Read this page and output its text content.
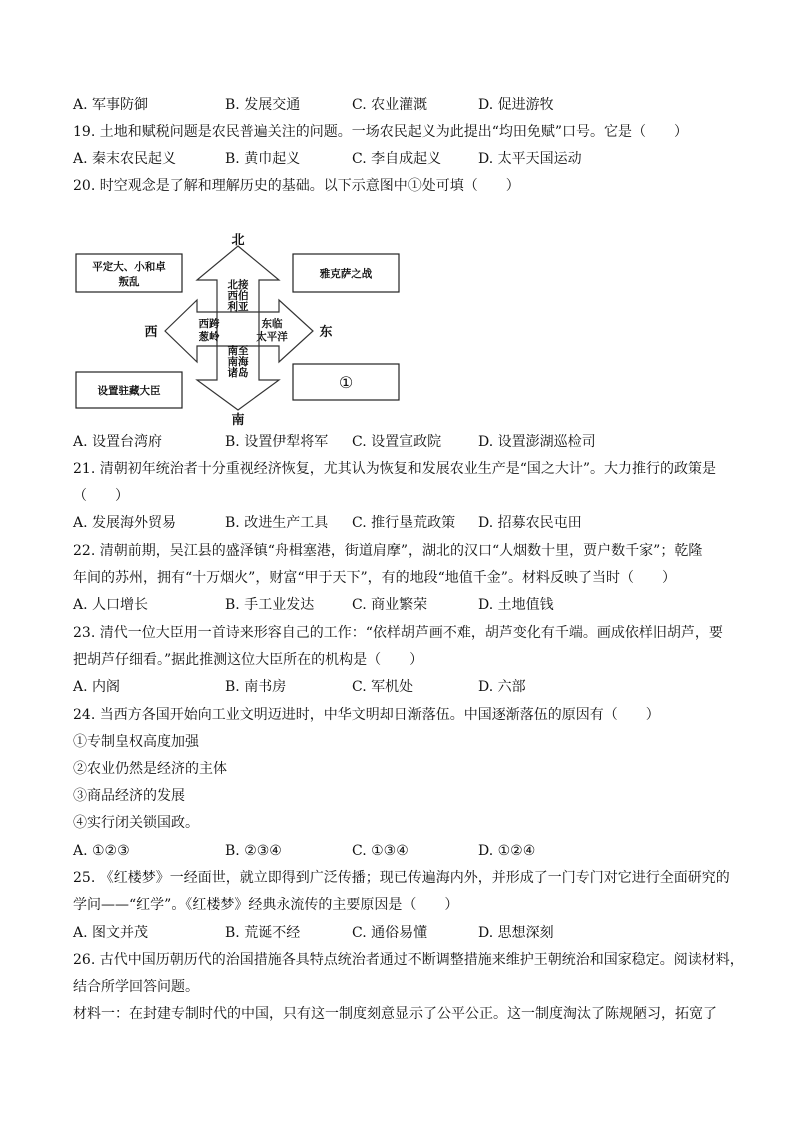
A. 军事防御	B. 发展交通	C. 农业灌溉	D. 促进游牧
19. 土地和赋税问题是农民普遍关注的问题。一场农民起义为此提出“均田免赋”口号。它是（　　）
A. 秦末农民起义	B. 黄巾起义	C. 李自成起义	D. 太平天国运动
20. 时空观念是了解和理解历史的基础。以下示意图中①处可填（　　）
北
南
西	东
平定大、小和卓
叛乱
雅克萨之战
设置驻藏大臣	①
北接
西伯
利亚
西跨
葱岭
东临
太平洋
南至
南海
诸岛
A. 设置台湾府	B. 设置伊犁将军 C. 设置宣政院	D. 设置澎湖巡检司
21. 清朝初年统治者十分重视经济恢复，尤其认为恢复和发展农业生产是“国之大计”。大力推行的政策是
（　　）
A. 发展海外贸易	B. 改进生产工具 C. 推行垦荒政策 D. 招募农民屯田
22. 清朝前期，吴江县的盛泽镇“舟楫塞港，街道肩摩”，湖北的汉口“人烟数十里，贾户数千家”；乾隆
年间的苏州，拥有“十万烟火”，财富“甲于天下”，有的地段“地值千金”。材料反映了当时（　　）
A. 人口增长	B. 手工业发达	C. 商业繁荣	D. 土地值钱
23. 清代一位大臣用一首诗来形容自己的工作：“依样胡芦画不难，胡芦变化有千端。画成依样旧胡芦，要
把胡芦仔细看。”据此推测这位大臣所在的机构是（　　）
A. 内阁	B. 南书房	C. 军机处	D. 六部
24. 当西方各国开始向工业文明迈进时，中华文明却日渐落伍。中国逐渐落伍的原因有（　　）
①专制皇权高度加强
②农业仍然是经济的主体
③商品经济的发展
④实行闭关锁国政。
A. ①②③	B. ②③④	C. ①③④	D. ①②④
25. 《红楼梦》一经面世，就立即得到广泛传播；现已传遍海内外，并形成了一门专门对它进行全面研究的
学问——“红学”。《红楼梦》经典永流传的主要原因是（　　）
A. 图文并茂	B. 荒诞不经	C. 通俗易懂	D. 思想深刻
26. 古代中国历朝历代的治国措施各具特点统治者通过不断调整措施来维护王朝统治和国家稳定。阅读材料，
结合所学回答问题。
材料一：在封建专制时代的中国，只有这一制度刻意显示了公平公正。这一制度淘汰了陈规陋习，拓宽了
